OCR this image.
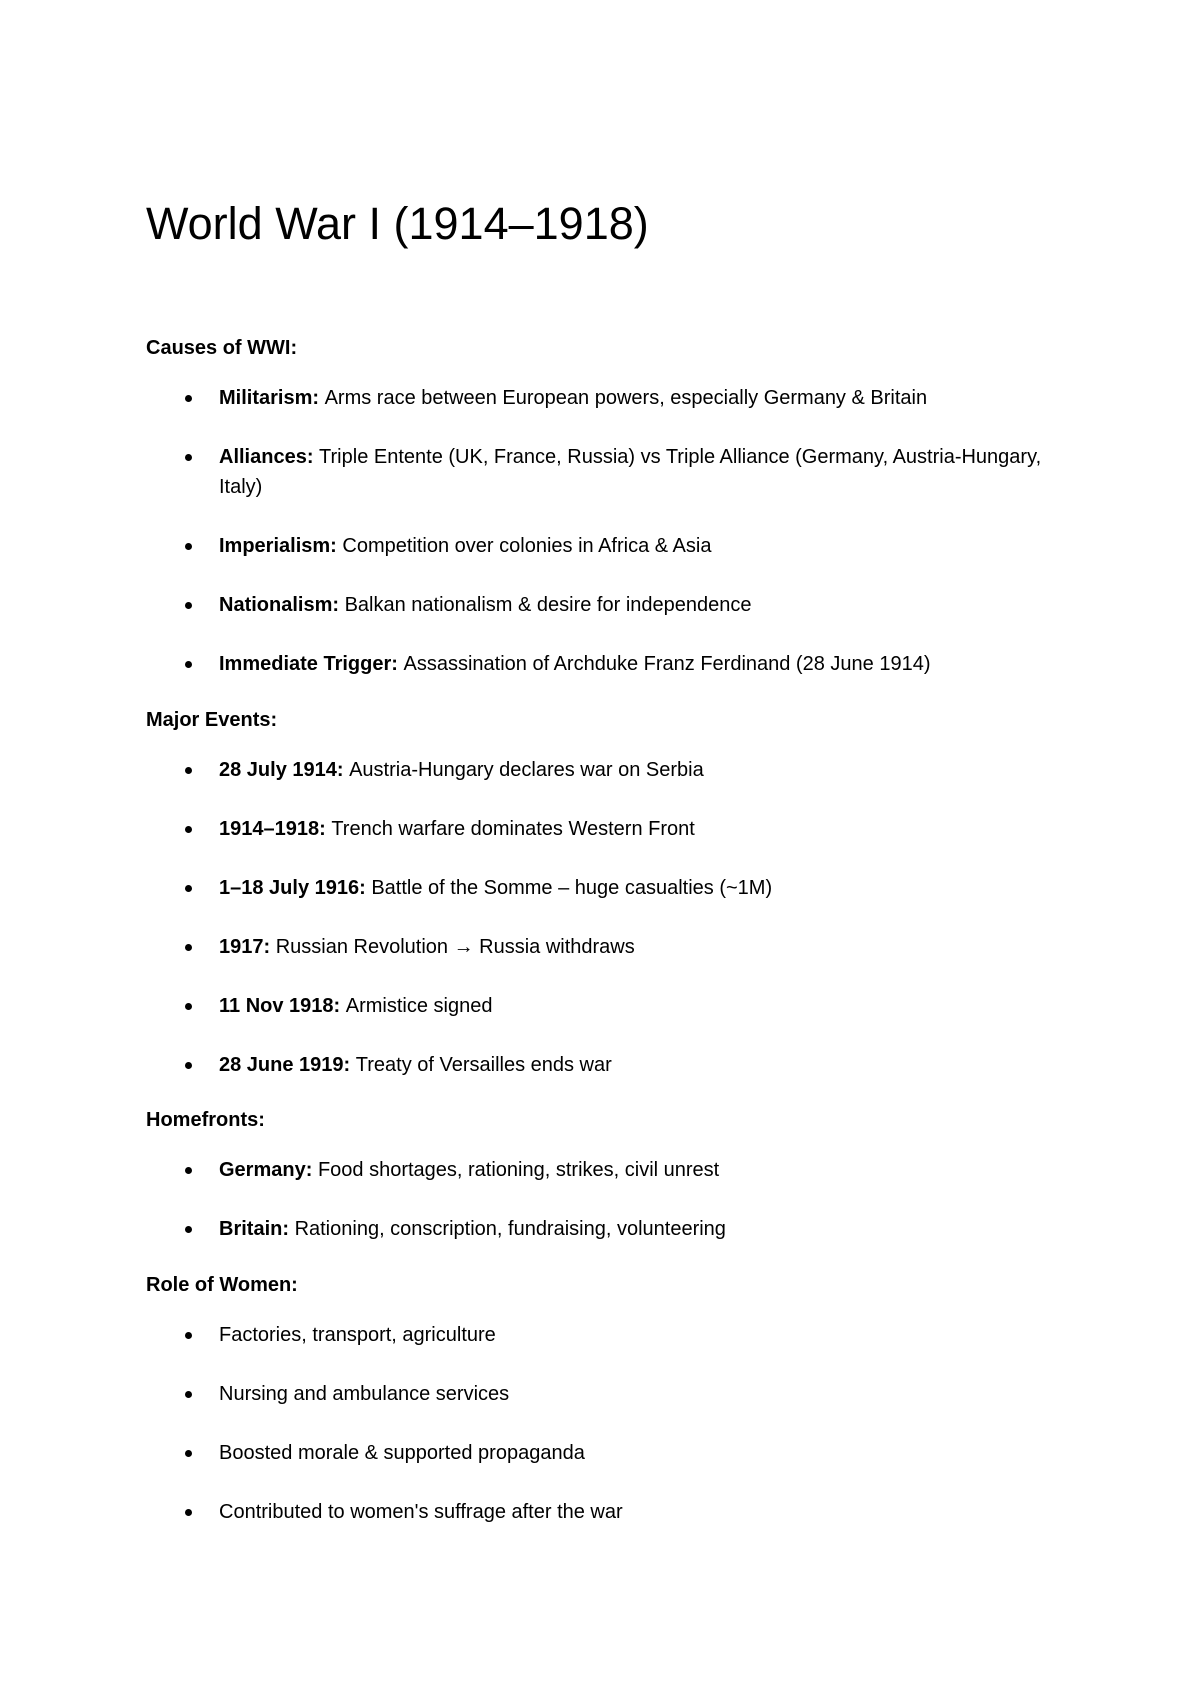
World War I (1914–1918)
Causes of WWI:
Militarism: Arms race between European powers, especially Germany & Britain
Alliances: Triple Entente (UK, France, Russia) vs Triple Alliance (Germany, Austria-Hungary, Italy)
Imperialism: Competition over colonies in Africa & Asia
Nationalism: Balkan nationalism & desire for independence
Immediate Trigger: Assassination of Archduke Franz Ferdinand (28 June 1914)
Major Events:
28 July 1914: Austria-Hungary declares war on Serbia
1914–1918: Trench warfare dominates Western Front
1–18 July 1916: Battle of the Somme – huge casualties (~1M)
1917: Russian Revolution → Russia withdraws
11 Nov 1918: Armistice signed
28 June 1919: Treaty of Versailles ends war
Homefronts:
Germany: Food shortages, rationing, strikes, civil unrest
Britain: Rationing, conscription, fundraising, volunteering
Role of Women:
Factories, transport, agriculture
Nursing and ambulance services
Boosted morale & supported propaganda
Contributed to women's suffrage after the war
